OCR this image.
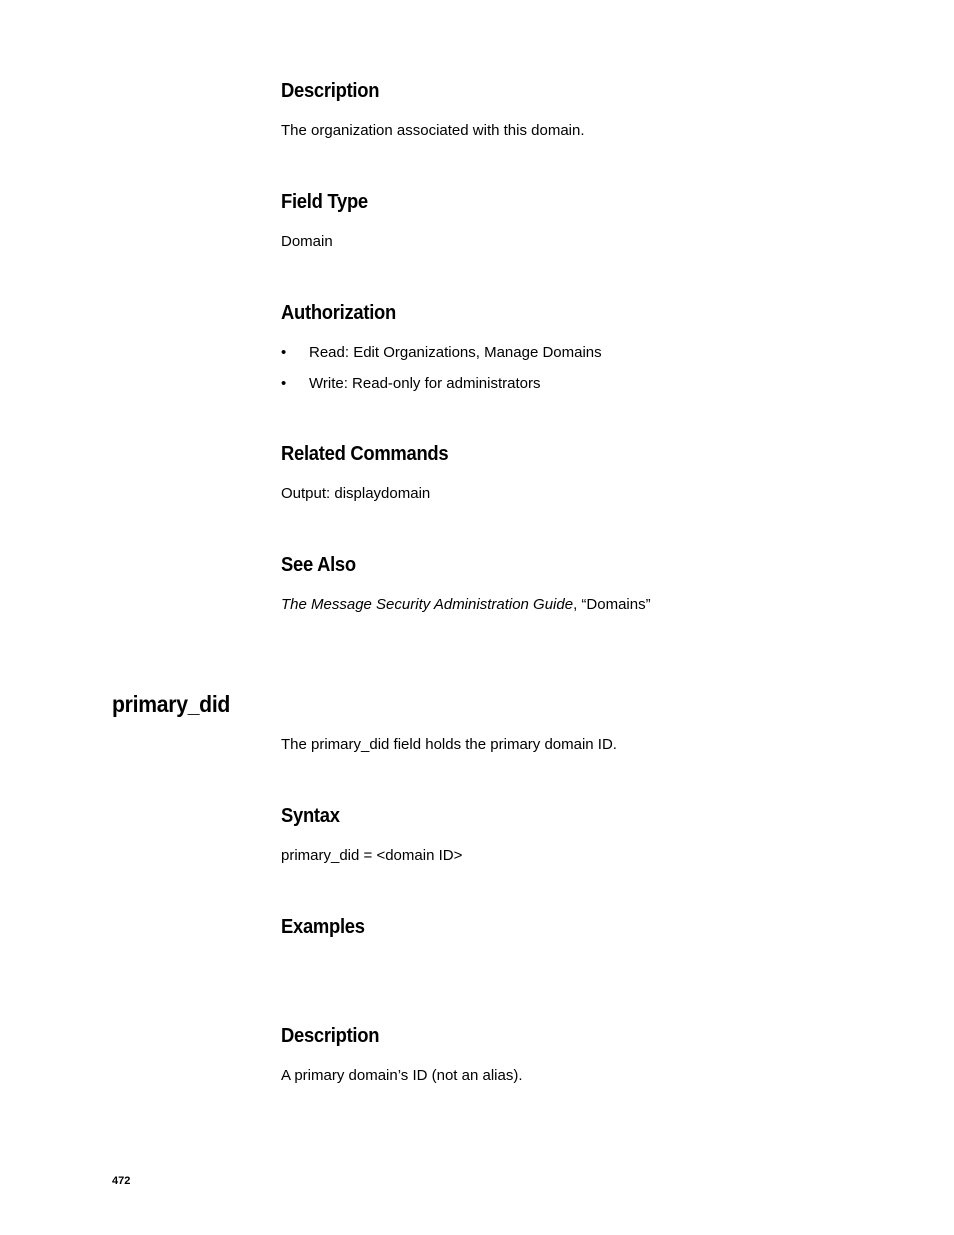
Description

The organization associated with this domain.

Field Type

Domain

Authorization
• Read: Edit Organizations, Manage Domains
• Write: Read-only for administrators
Related Commands

Output: displaydomain

See Also

The Message Security Administration Guide, “Domains”

primary_did

The primary_did field holds the primary domain ID.

Syntax

primary_did = <domain ID>

Examples
Description

A primary domain’s ID (not an alias).

472
